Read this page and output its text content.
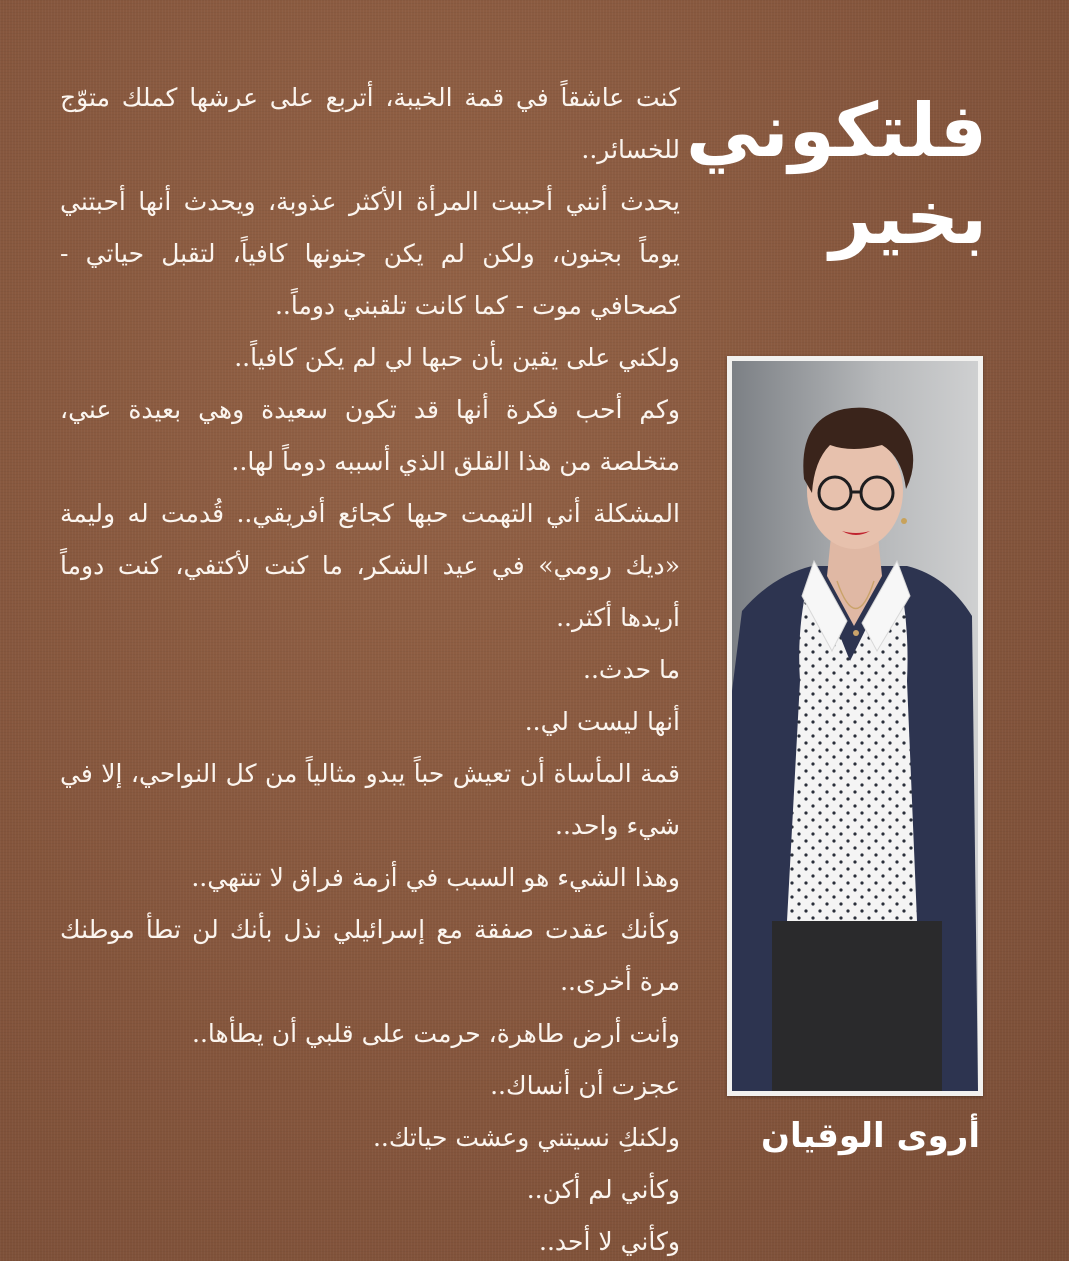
فلتكوني
بخير

كنت عاشقاً في قمة الخيبة، أتربع على عرشها كملك متوّج للخسائر..

يحدث أنني أحببت المرأة الأكثر عذوبة، ويحدث أنها أحبتني يوماً بجنون، ولكن لم يكن جنونها كافياً، لتقبل حياتي - كصحافي موت - كما كانت تلقبني دوماً..

ولكني على يقين بأن حبها لي لم يكن كافياً..

وكم أحب فكرة أنها قد تكون سعيدة وهي بعيدة عني، متخلصة من هذا القلق الذي أسببه دوماً لها..

المشكلة أني التهمت حبها كجائع أفريقي.. قُدمت له وليمة «ديك رومي» في عيد الشكر، ما كنت لأكتفي، كنت دوماً أريدها أكثر..

ما حدث..

أنها ليست لي..

قمة المأساة أن تعيش حباً يبدو مثالياً من كل النواحي، إلا في شيء واحد..

وهذا الشيء هو السبب في أزمة فراق لا تنتهي..

وكأنك عقدت صفقة مع إسرائيلي نذل بأنك لن تطأ موطنك مرة أخرى..

وأنت أرض طاهرة، حرمت على قلبي أن يطأها..

عجزت أن أنساك..

ولكنكِ نسيتني وعشت حياتك..

وكأني لم أكن..

وكأني لا أحد..

أروى الوقيان
